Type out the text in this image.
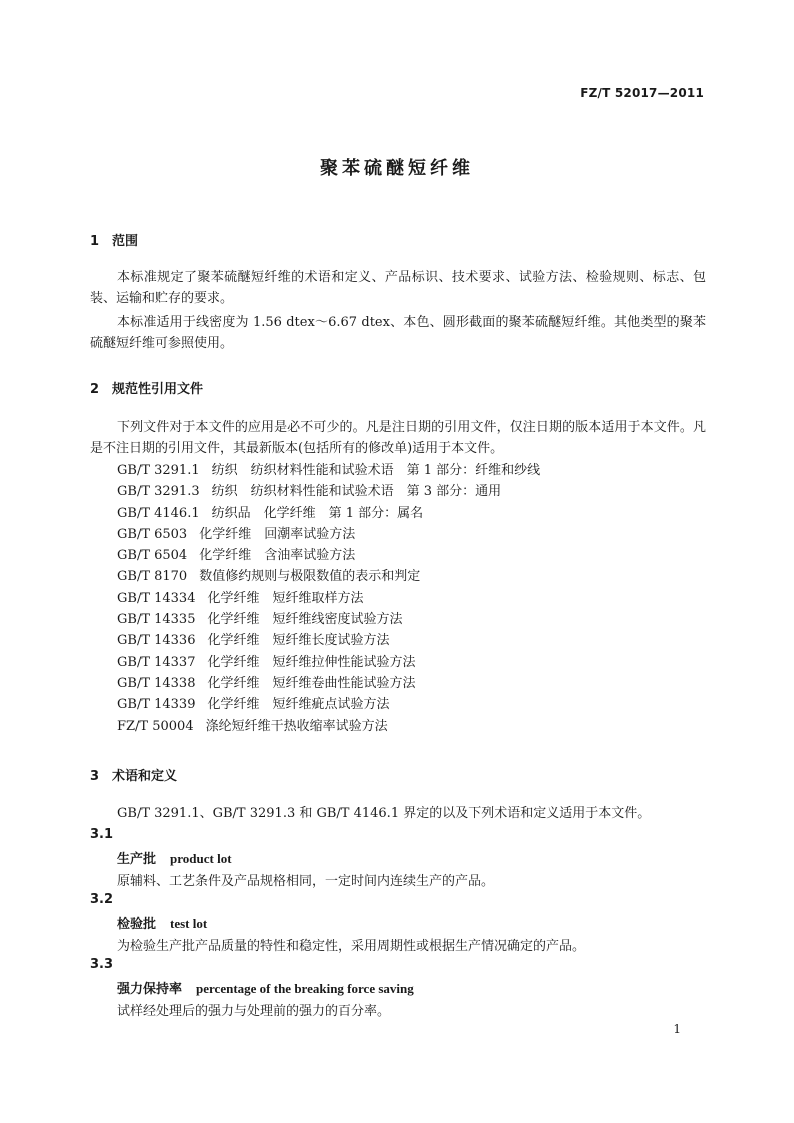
FZ/T 52017—2011
聚苯硫醚短纤维
1 范围
本标准规定了聚苯硫醚短纤维的术语和定义、产品标识、技术要求、试验方法、检验规则、标志、包装、运输和贮存的要求。
本标准适用于线密度为 1.56 dtex～6.67 dtex、本色、圆形截面的聚苯硫醚短纤维。其他类型的聚苯硫醚短纤维可参照使用。
2 规范性引用文件
下列文件对于本文件的应用是必不可少的。凡是注日期的引用文件，仅注日期的版本适用于本文件。凡是不注日期的引用文件，其最新版本(包括所有的修改单)适用于本文件。
GB/T 3291.1 纺织　纺织材料性能和试验术语　第 1 部分：纤维和纱线
GB/T 3291.3 纺织　纺织材料性能和试验术语　第 3 部分：通用
GB/T 4146.1 纺织品　化学纤维　第 1 部分：属名
GB/T 6503 化学纤维　回潮率试验方法
GB/T 6504 化学纤维　含油率试验方法
GB/T 8170 数值修约规则与极限数值的表示和判定
GB/T 14334 化学纤维　短纤维取样方法
GB/T 14335 化学纤维　短纤维线密度试验方法
GB/T 14336 化学纤维　短纤维长度试验方法
GB/T 14337 化学纤维　短纤维拉伸性能试验方法
GB/T 14338 化学纤维　短纤维卷曲性能试验方法
GB/T 14339 化学纤维　短纤维疵点试验方法
FZ/T 50004 涤纶短纤维干热收缩率试验方法
3 术语和定义
GB/T 3291.1、GB/T 3291.3 和 GB/T 4146.1 界定的以及下列术语和定义适用于本文件。
3.1
生产批 product lot
原辅料、工艺条件及产品规格相同，一定时间内连续生产的产品。
3.2
检验批 test lot
为检验生产批产品质量的特性和稳定性，采用周期性或根据生产情况确定的产品。
3.3
强力保持率 percentage of the breaking force saving
试样经处理后的强力与处理前的强力的百分率。
1
